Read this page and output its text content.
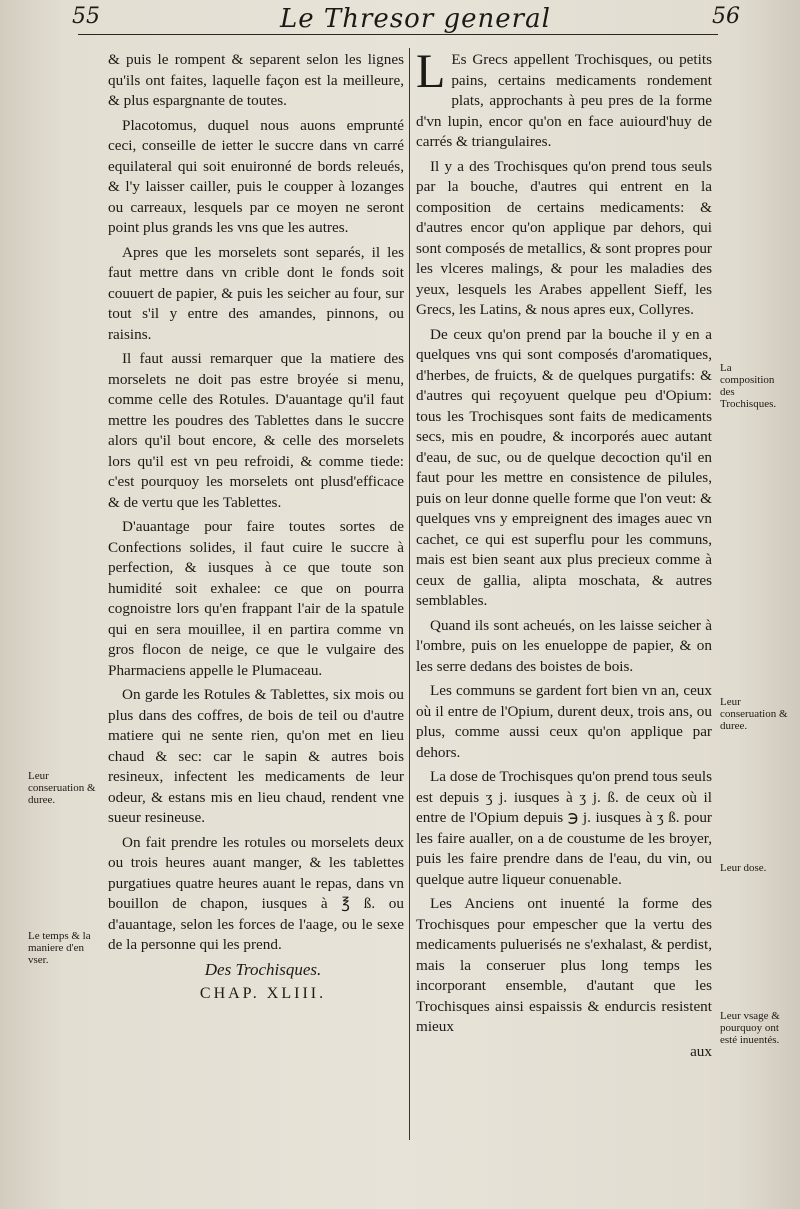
55	Le Thresor general	56

& puis le rompent & separent selon les lignes qu'ils ont faites, laquelle façon est la meilleure, & plus espargnante de toutes.

Placotomus, duquel nous auons emprunté ceci, conseille de ietter le succre dans vn carré equilateral qui soit enuironné de bords releués, & l'y laisser cailler, puis le coupper à lozanges ou carreaux, lesquels par ce moyen ne seront point plus grands les vns que les autres.

Apres que les morselets sont separés, il les faut mettre dans vn crible dont le fonds soit couuert de papier, & puis les seicher au four, sur tout s'il y entre des amandes, pinnons, ou raisins.

Il faut aussi remarquer que la matiere des morselets ne doit pas estre broyée si menu, comme celle des Rotules. D'auantage qu'il faut mettre les poudres des Tablettes dans le succre alors qu'il bout encore, & celle des morselets lors qu'il est vn peu refroidi, & comme tiede: c'est pourquoy les morselets ont plusd'efficace & de vertu que les Tablettes.

D'auantage pour faire toutes sortes de Confections solides, il faut cuire le succre à perfection, & iusques à ce que toute son humidité soit exhalee: ce que on pourra cognoistre lors qu'en frappant l'air de la spatule qui en sera mouillee, il en partira comme vn gros flocon de neige, ce que le vulgaire des Pharmaciens appelle le Plumaceau.

On garde les Rotules & Tablettes, six mois ou plus dans des coffres, de bois de teil ou d'autre matiere qui ne sente rien, qu'on met en lieu chaud & sec: car le sapin & autres bois resineux, infectent les medicaments de leur odeur, & estans mis en lieu chaud, rendent vne sueur resineuse.

On fait prendre les rotules ou morselets deux ou trois heures auant manger, & les tablettes purgatiues quatre heures auant le repas, dans vn bouillon de chapon, iusques à ℥ ß. ou d'auantage, selon les forces de l'aage, ou le sexe de la personne qui les prend.

Des Trochisques.

CHAP. XLIII.

Leur conseruation & duree.
Le temps & la maniere d'en vser.

L Es Grecs appellent Trochisques, ou petits pains, certains medicaments rondement plats, approchants à peu pres de la forme d'vn lupin, encor qu'on en face auiourd'huy de carrés & triangulaires.

Il y a des Trochisques qu'on prend tous seuls par la bouche, d'autres qui entrent en la composition de certains medicaments: & d'autres encor qu'on applique par dehors, qui sont composés de metallics, & sont propres pour les vlceres malings, & pour les maladies des yeux, lesquels les Arabes appellent Sieff, les Grecs, les Latins, & nous apres eux, Collyres.

De ceux qu'on prend par la bouche il y en a quelques vns qui sont composés d'aromatiques, d'herbes, de fruicts, & de quelques purgatifs: & d'autres qui reçoyuent quelque peu d'Opium: tous les Trochisques sont faits de medicaments secs, mis en poudre, & incorporés auec autant d'eau, de suc, ou de quelque decoction qu'il en faut pour les mettre en consistence de pilules, puis on leur donne quelle forme que l'on veut: & quelques vns y empreignent des images auec vn cachet, ce qui est superflu pour les communs, mais est bien seant aux plus precieux comme à ceux de gallia, alipta moschata, & autres semblables.

Quand ils sont acheués, on les laisse seicher à l'ombre, puis on les enueloppe de papier, & on les serre dedans des boistes de bois.

Les communs se gardent fort bien vn an, ceux où il entre de l'Opium, durent deux, trois ans, ou plus, comme aussi ceux qu'on applique par dehors.

La dose de Trochisques qu'on prend tous seuls est depuis ʒ j. iusques à ʒ j. ß. de ceux où il entre de l'Opium depuis ℈ j. iusques à ʒ ß. pour les faire aualler, on a de coustume de les broyer, puis les faire prendre dans de l'eau, du vin, ou quelque autre liqueur conuenable.

Les Anciens ont inuenté la forme des Trochisques pour empescher que la vertu des medicaments puluerisés ne s'exhalast, & perdist, mais la conseruer plus long temps les incorporant ensemble, d'autant que les Trochisques ainsi espaissis & endurcis resistent mieux

aux

La composition des Trochisques.
Leur conseruation & duree.
Leur dose.
Leur vsage & pourquoy ont esté inuentés.
